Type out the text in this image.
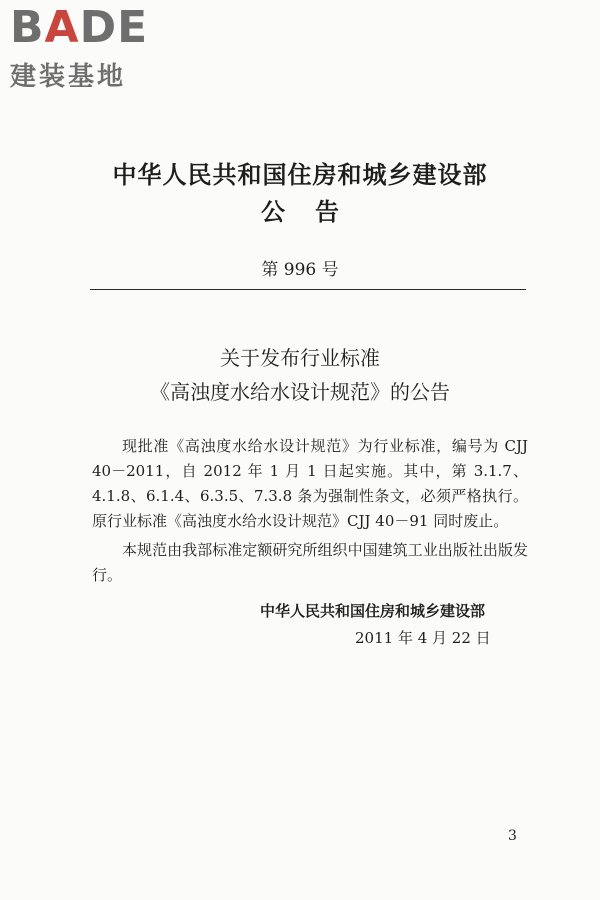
BADE
建装基地
中华人民共和国住房和城乡建设部
公告
第 996 号
关于发布行业标准
《高浊度水给水设计规范》的公告

现批准《高浊度水给水设计规范》为行业标准，编号为 CJJ 40－2011，自 2012 年 1 月 1 日起实施。其中，第 3.1.7、4.1.8、6.1.4、6.3.5、7.3.8 条为强制性条文，必须严格执行。原行业标准《高浊度水给水设计规范》CJJ 40－91 同时废止。

本规范由我部标准定额研究所组织中国建筑工业出版社出版发行。

中华人民共和国住房和城乡建设部
2011 年 4 月 22 日
3
